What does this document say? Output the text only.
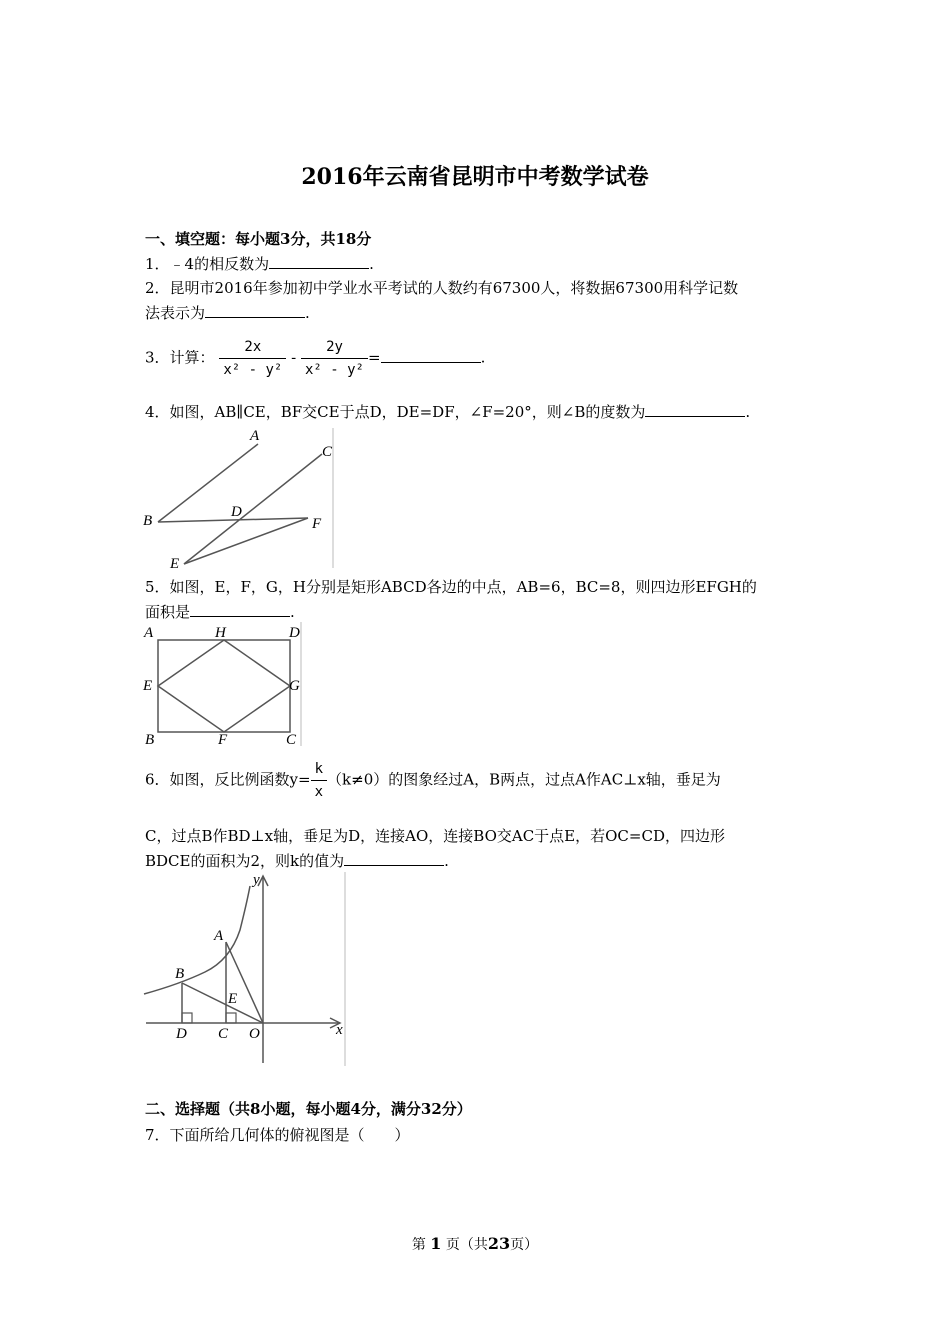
2016年云南省昆明市中考数学试卷
一、填空题：每小题3分，共18分
1．﹣4的相反数为	.
2．昆明市2016年参加初中学业水平考试的人数约有67300人，将数据67300用科学记数
法表示为	.
3．计算： $\frac{2x}{\text{x² - y²}} - \frac{2y}{\text{x² - y²}}$ =	.
4．如图，AB∥CE，BF交CE于点D，DE=DF，∠F=20°，则∠B的度数为	.
A
C
B
D
F
E
5．如图，E，F，G，H分别是矩形ABCD各边的中点，AB=6，BC=8，则四边形EFGH的
面积是	.
A	H	D
E	G
B	F	C
6．如图，反比例函数$y= \frac{k}{x} (k\ne 0)$的图象经过A，B两点，过点A作AC⊥x轴，垂足为
C，过点B作BD⊥x轴，垂足为D，连接AO，连接BO交AC于点E，若OC=CD，四边形
BDCE的面积为2，则k的值为	.
y
A
B
E
D C O	x
二、选择题（共8小题，每小题4分，满分32分）
7．下面所给几何体的俯视图是（　　）
第 1 页（共23页）
